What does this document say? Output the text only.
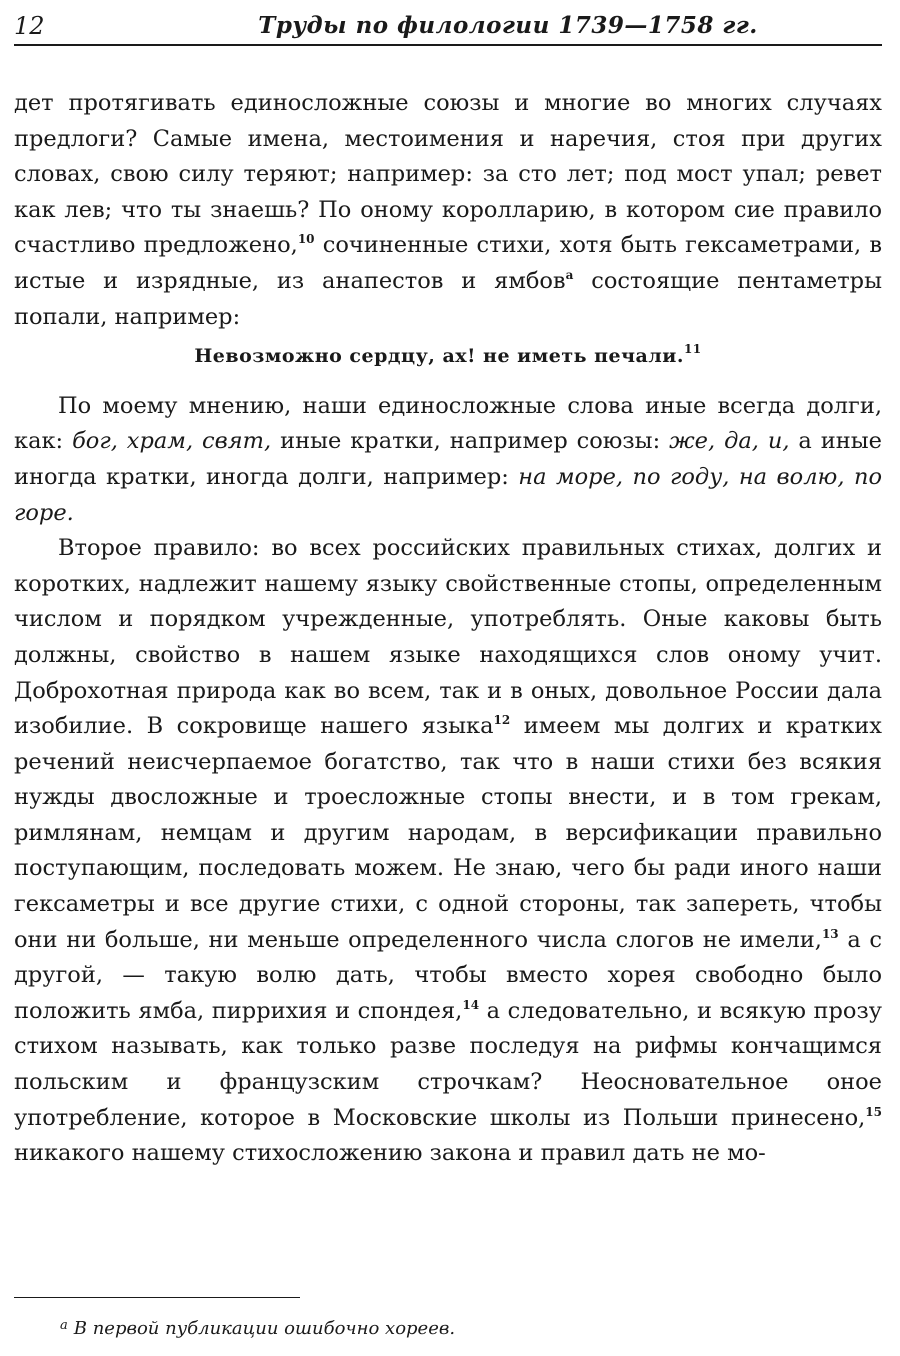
12	Труды по филологии 1739—1758 гг.

дет протягивать единосложные союзы и многие во многих случаях предлоги? Самые имена, местоимения и наречия, стоя при других словах, свою силу теряют; например: за сто лет; под мост упал; ревет как лев; что ты знаешь? По оному королларию, в котором сие правило счастливо предложено,$^{10}$ сочиненные стихи, хотя быть гексаметрами, в истые и изрядные, из анапестов и ямбов$^а$ состоящие пентаметры попали, например:

Невозможно сердцу, ах! не иметь печали.$^{11}$

По моему мнению, наши единосложные слова иные всегда долги, как: бог, храм, свят, иные кратки, например союзы: же, да, и, а иные иногда кратки, иногда долги, например: на море, по году, на волю, по горе.

Второе правило: во всех российских правильных стихах, долгих и коротких, надлежит нашему языку свойственные стопы, определенным числом и порядком учрежденные, употреблять. Оные каковы быть должны, свойство в нашем языке находящихся слов оному учит. Доброхотная природа как во всем, так и в оных, довольное России дала изобилие. В сокровище нашего языка$^{12}$ имеем мы долгих и кратких речений неисчерпаемое богатство, так что в наши стихи без всякия нужды двосложные и троесложные стопы внести, и в том грекам, римлянам, немцам и другим народам, в версификации правильно поступающим, последовать можем. Не знаю, чего бы ради иного наши гексаметры и все другие стихи, с одной стороны, так запереть, чтобы они ни больше, ни меньше определенного числа слогов не имели,$^{13}$ а с другой, — такую волю дать, чтобы вместо хорея свободно было положить ямба, пиррихия и спондея,$^{14}$ а следовательно, и всякую прозу стихом называть, как только разве последуя на рифмы кончащимся польским и французским строчкам? Неосновательное оное употребление, которое в Московские школы из Польши принесено,$^{15}$ никакого нашему стихосложению закона и правил дать не мо-

$^а$ В первой публикации ошибочно хореев.
